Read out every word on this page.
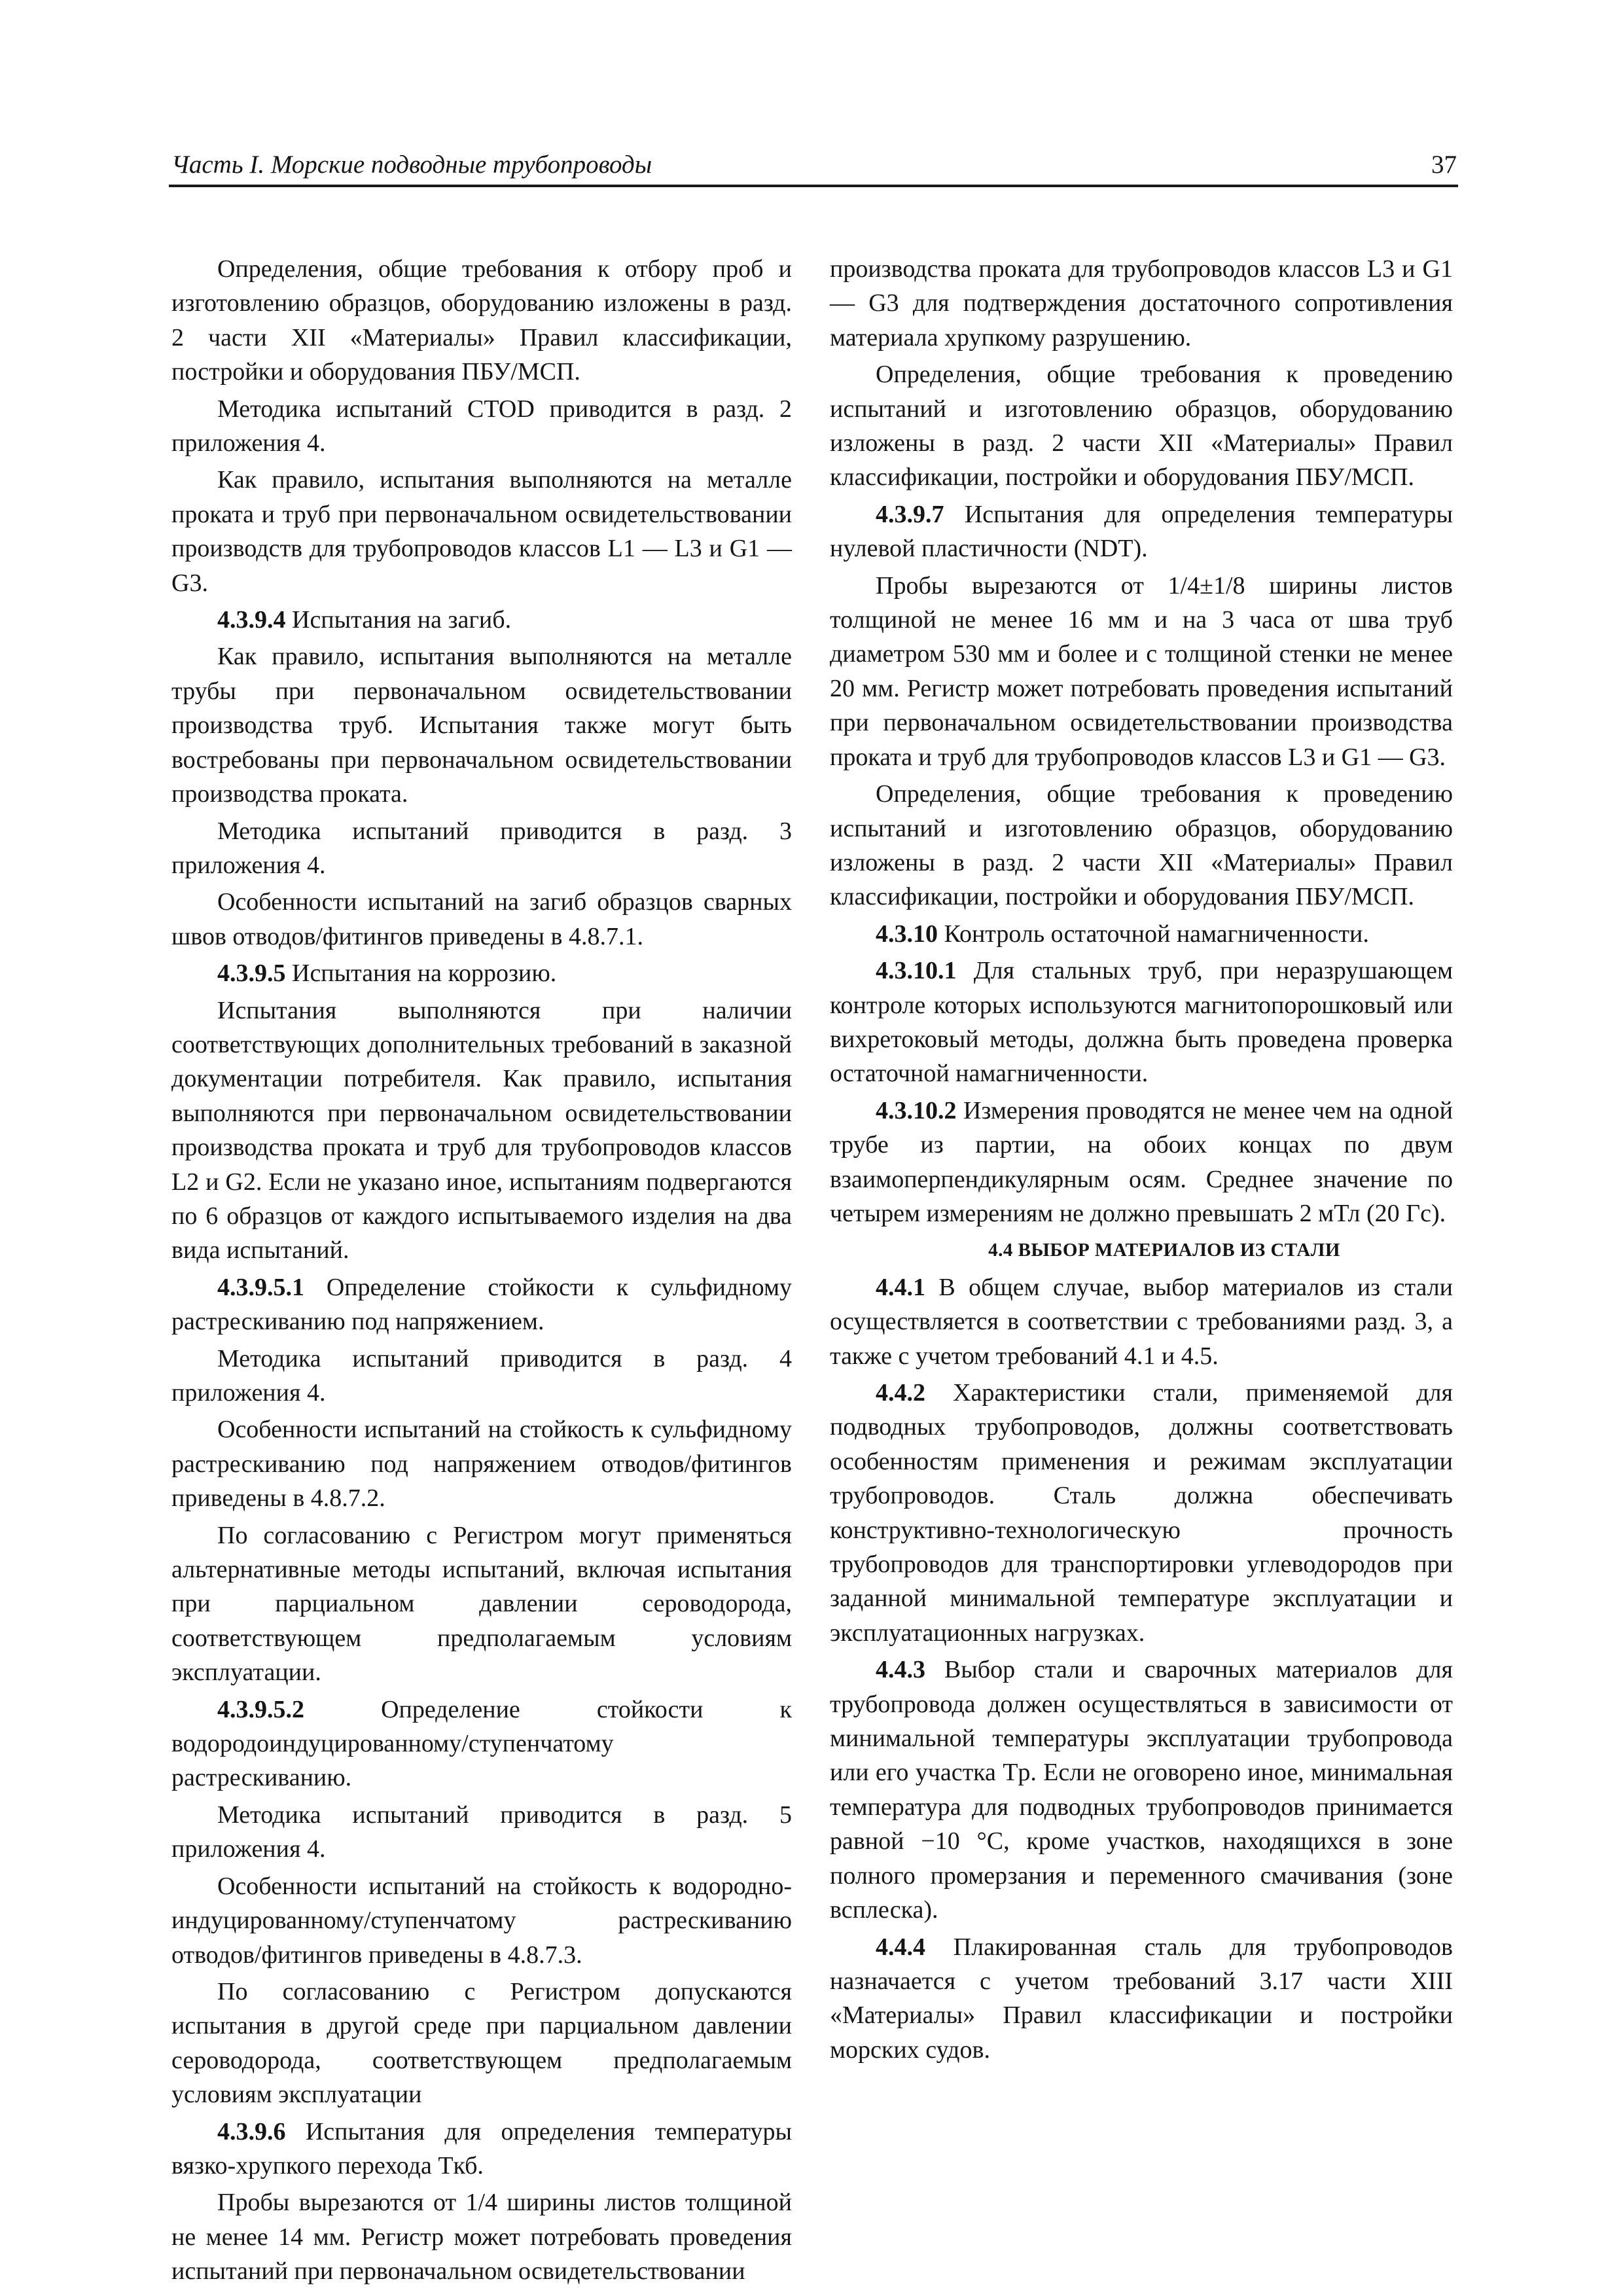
Часть I. Морские подводные трубопроводы	37

Определения, общие требования к отбору проб и изготовлению образцов, оборудованию изложены в разд. 2 части XII «Материалы» Правил классификации, постройки и оборудования ПБУ/МСП.

Методика испытаний CTOD приводится в разд. 2 приложения 4.

Как правило, испытания выполняются на металле проката и труб при первоначальном освидетельствовании производств для трубопроводов классов L1 — L3 и G1 — G3.

4.3.9.4 Испытания на загиб.

Как правило, испытания выполняются на металле трубы при первоначальном освидетельствовании производства труб. Испытания также могут быть востребованы при первоначальном освидетельствовании производства проката.

Методика испытаний приводится в разд. 3 приложения 4.

Особенности испытаний на загиб образцов сварных швов отводов/фитингов приведены в 4.8.7.1.

4.3.9.5 Испытания на коррозию.

Испытания выполняются при наличии соответствующих дополнительных требований в заказной документации потребителя. Как правило, испытания выполняются при первоначальном освидетельствовании производства проката и труб для трубопроводов классов L2 и G2. Если не указано иное, испытаниям подвергаются по 6 образцов от каждого испытываемого изделия на два вида испытаний.

4.3.9.5.1 Определение стойкости к сульфидному растрескиванию под напряжением.

Методика испытаний приводится в разд. 4 приложения 4.

Особенности испытаний на стойкость к сульфидному растрескиванию под напряжением отводов/фитингов приведены в 4.8.7.2.

По согласованию с Регистром могут применяться альтернативные методы испытаний, включая испытания при парциальном давлении сероводорода, соответствующем предполагаемым условиям эксплуатации.

4.3.9.5.2 Определение стойкости к водородоиндуцированному/ступенчатому растрескиванию.

Методика испытаний приводится в разд. 5 приложения 4.

Особенности испытаний на стойкость к водородно-индуцированному/ступенчатому растрескиванию отводов/фитингов приведены в 4.8.7.3.

По согласованию с Регистром допускаются испытания в другой среде при парциальном давлении сероводорода, соответствующем предполагаемым условиям эксплуатации

4.3.9.6 Испытания для определения температуры вязко-хрупкого перехода Tкб.

Пробы вырезаются от 1/4 ширины листов толщиной не менее 14 мм. Регистр может потребовать проведения испытаний при первоначальном освидетельствовании

производства проката для трубопроводов классов L3 и G1 — G3 для подтверждения достаточного сопротивления материала хрупкому разрушению.

Определения, общие требования к проведению испытаний и изготовлению образцов, оборудованию изложены в разд. 2 части XII «Материалы» Правил классификации, постройки и оборудования ПБУ/МСП.

4.3.9.7 Испытания для определения температуры нулевой пластичности (NDT).

Пробы вырезаются от 1/4±1/8 ширины листов толщиной не менее 16 мм и на 3 часа от шва труб диаметром 530 мм и более и с толщиной стенки не менее 20 мм. Регистр может потребовать проведения испытаний при первоначальном освидетельствовании производства проката и труб для трубопроводов классов L3 и G1 — G3.

Определения, общие требования к проведению испытаний и изготовлению образцов, оборудованию изложены в разд. 2 части XII «Материалы» Правил классификации, постройки и оборудования ПБУ/МСП.

4.3.10 Контроль остаточной намагниченности.

4.3.10.1 Для стальных труб, при неразрушающем контроле которых используются магнитопорошковый или вихретоковый методы, должна быть проведена проверка остаточной намагниченности.

4.3.10.2 Измерения проводятся не менее чем на одной трубе из партии, на обоих концах по двум взаимоперпендикулярным осям. Среднее значение по четырем измерениям не должно превышать 2 мТл (20 Гс).

4.4 ВЫБОР МАТЕРИАЛОВ ИЗ СТАЛИ

4.4.1 В общем случае, выбор материалов из стали осуществляется в соответствии с требованиями разд. 3, а также с учетом требований 4.1 и 4.5.

4.4.2 Характеристики стали, применяемой для подводных трубопроводов, должны соответствовать особенностям применения и режимам эксплуатации трубопроводов. Сталь должна обеспечивать конструктивно-технологическую прочность трубопроводов для транспортировки углеводородов при заданной минимальной температуре эксплуатации и эксплуатационных нагрузках.

4.4.3 Выбор стали и сварочных материалов для трубопровода должен осуществляться в зависимости от минимальной температуры эксплуатации трубопровода или его участка Tр. Если не оговорено иное, минимальная температура для подводных трубопроводов принимается равной −10 °С, кроме участков, находящихся в зоне полного промерзания и переменного смачивания (зоне всплеска).

4.4.4 Плакированная сталь для трубопроводов назначается с учетом требований 3.17 части XIII «Материалы» Правил классификации и постройки морских судов.
